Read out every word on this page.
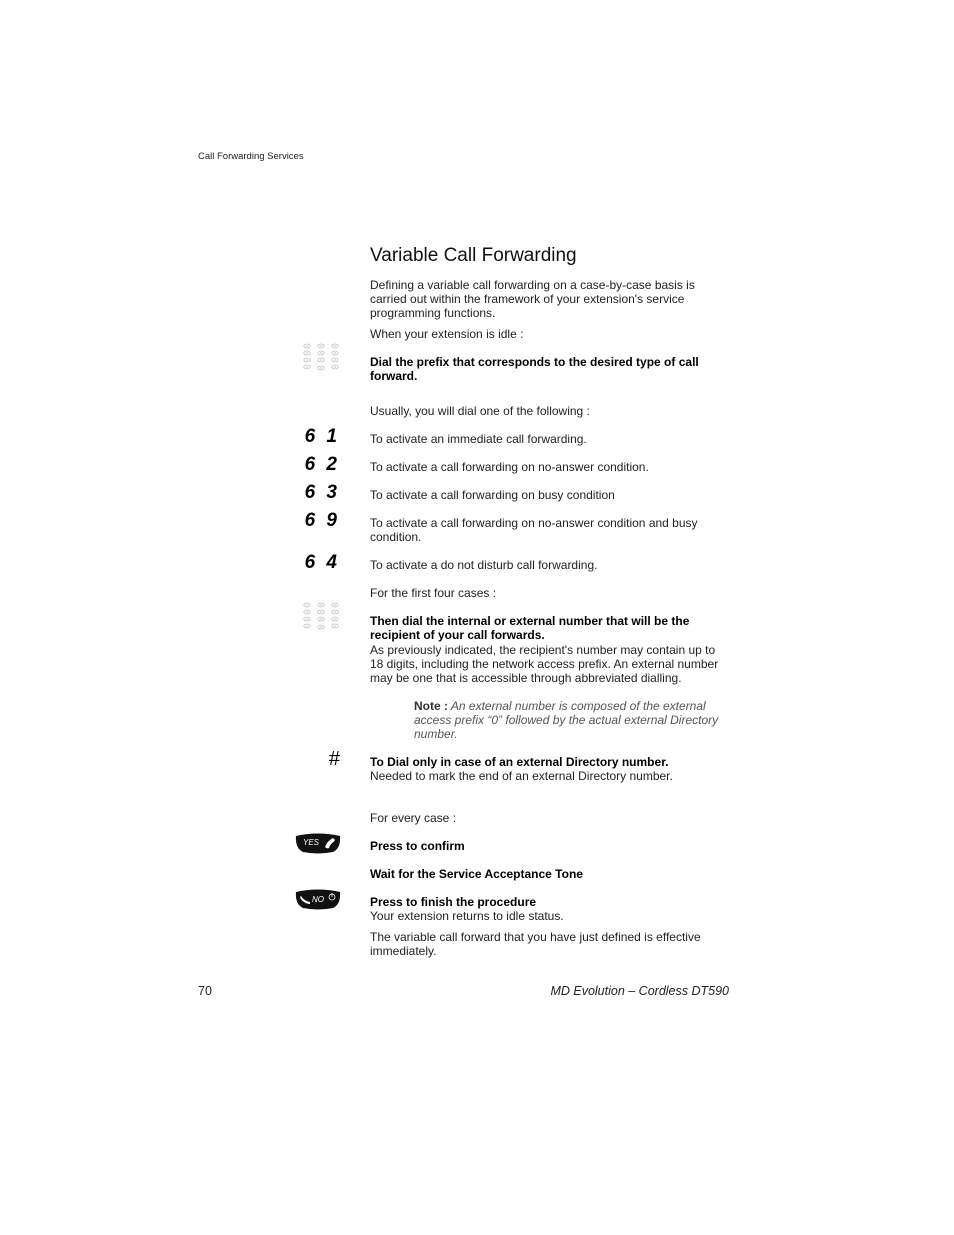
Call Forwarding Services
Variable Call Forwarding
Defining a variable call forwarding on a case-by-case basis is carried out within the framework of your extension's service programming functions.
When your extension is idle :
Dial the prefix that corresponds to the desired type of call forward.
Usually, you will dial one of the following :
6 1	To activate an immediate call forwarding.
6 2	To activate a call forwarding on no-answer condition.
6 3	To activate a call forwarding on busy condition
6 9	To activate a call forwarding on no-answer condition and busy condition.
6 4	To activate a do not disturb call forwarding.
For the first four cases :
Then dial the internal or external number that will be the recipient of your call forwards.
As previously indicated, the recipient's number may contain up to 18 digits, including the network access prefix. An external number may be one that is accessible through abbreviated dialling.
Note : An external number is composed of the external access prefix “0” followed by the actual external Directory number.
#	To Dial only in case of an external Directory number.
Needed to mark the end of an external Directory number.
For every case :
YES	Press to confirm
Wait for the Service Acceptance Tone
NO	Press to finish the procedure
Your extension returns to idle status.
The variable call forward that you have just defined is effective immediately.
70	MD Evolution – Cordless DT590
